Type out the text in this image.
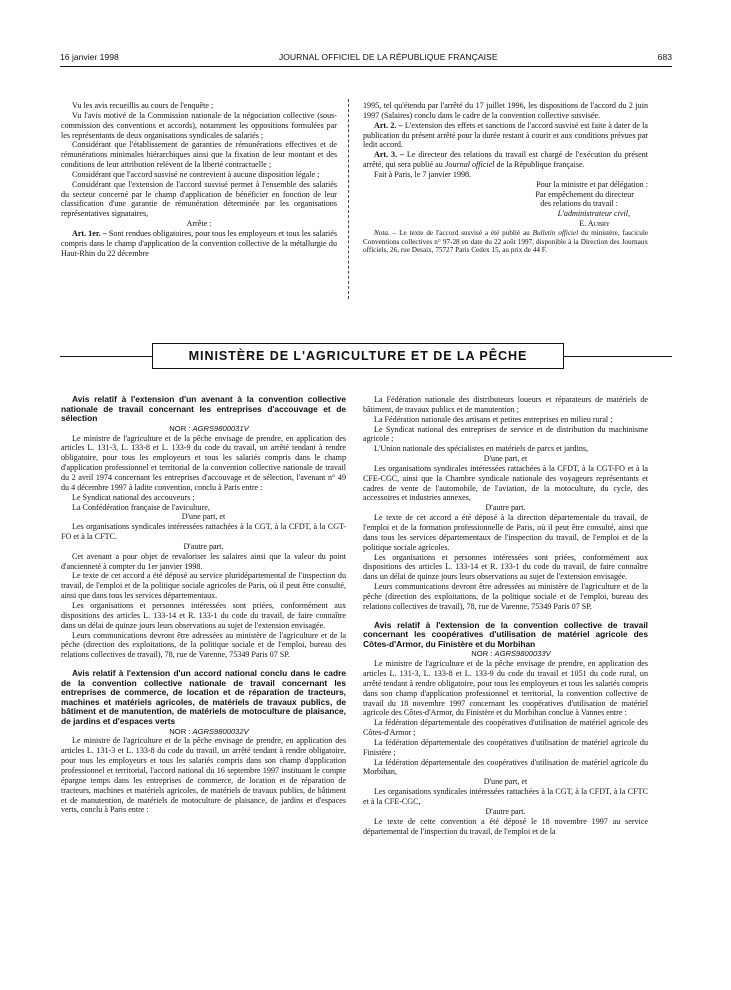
16 janvier 1998	JOURNAL OFFICIEL DE LA RÉPUBLIQUE FRANÇAISE	683

Vu les avis recueillis au cours de l'enquête ;

Vu l'avis motivé de la Commission nationale de la négociation collective (sous-commission des conventions et accords), notamment les oppositions formulées par les représentants de deux organisations syndicales de salariés ;

Considérant que l'établissement de garanties de rémunérations effectives et de rémunérations minimales hiérarchiques ainsi que la fixation de leur montant et des conditions de leur attribution relèvent de la liberté contractuelle ;

Considérant que l'accord susvisé ne contrevient à aucune disposition légale ;

Considérant que l'extension de l'accord susvisé permet à l'ensemble des salariés du secteur concerné par le champ d'application de bénéficier en fonction de leur classification d'une garantie de rémunération déterminée par les organisations représentatives signataires,

Arrête :

Art. 1er. – Sont rendues obligatoires, pour tous les employeurs et tous les salariés compris dans le champ d'application de la convention collective de la métallurgie du Haut-Rhin du 22 décembre

1995, tel qu'étendu par l'arrêté du 17 juillet 1996, les dispositions de l'accord du 2 juin 1997 (Salaires) conclu dans le cadre de la convention collective susvisée.

Art. 2. – L'extension des effets et sanctions de l'accord susvisé est faite à dater de la publication du présent arrêté pour la durée restant à courir et aux conditions prévues par ledit accord.

Art. 3. – Le directeur des relations du travail est chargé de l'exécution du présent arrêté, qui sera publié au Journal officiel de la République française.

Fait à Paris, le 7 janvier 1998.

Pour la ministre et par délégation :

Par empêchement du directeur

des relations du travail :

L'administrateur civil,

E. Aubry

Nota. – Le texte de l'accord susvisé a été publié au Bulletin officiel du ministère, fascicule Conventions collectives n° 97-28 en date du 22 août 1997, disponible à la Direction des Journaux officiels, 26, rue Desaix, 75727 Paris Cedex 15, au prix de 44 F.

MINISTÈRE DE L'AGRICULTURE ET DE LA PÊCHE

Avis relatif à l'extension d'un avenant à la convention collective nationale de travail concernant les entreprises d'accouvage et de sélection

NOR : AGRS9800031V

Le ministre de l'agriculture et de la pêche envisage de prendre, en application des articles L. 131-3, L. 133-8 et L. 133-9 du code du travail, un arrêté tendant à rendre obligatoire, pour tous les employeurs et tous les salariés compris dans le champ d'application professionnel et territorial de la convention collective nationale de travail du 2 avril 1974 concernant les entreprises d'accouvage et de sélection, l'avenant n° 49 du 4 décembre 1997 à ladite convention, conclu à Paris entre :

Le Syndicat national des accouveurs ;

La Confédération française de l'aviculture,

D'une part, et

Les organisations syndicales intéressées rattachées à la CGT, à la CFDT, à la CGT-FO et à la CFTC.

D'autre part.

Cet avenant a pour objet de revaloriser les salaires ainsi que la valeur du point d'ancienneté à compter du 1er janvier 1998.

Le texte de cet accord a été déposé au service pluridépartemental de l'inspection du travail, de l'emploi et de la politique sociale agricoles de Paris, où il peut être consulté, ainsi que dans tous les services départementaux.

Les organisations et personnes intéressées sont priées, conformément aux dispositions des articles L. 133-14 et R. 133-1 du code du travail, de faire connaître dans un délai de quinze jours leurs observations au sujet de l'extension envisagée.

Leurs communications devront être adressées au ministère de l'agriculture et de la pêche (direction des exploitations, de la politique sociale et de l'emploi, bureau des relations collectives de travail), 78, rue de Varenne, 75349 Paris 07 SP.

Avis relatif à l'extension d'un accord national conclu dans le cadre de la convention collective nationale de travail concernant les entreprises de commerce, de location et de réparation de tracteurs, machines et matériels agricoles, de matériels de travaux publics, de bâtiment et de manutention, de matériels de motoculture de plaisance, de jardins et d'espaces verts

NOR : AGRS9800032V

Le ministre de l'agriculture et de la pêche envisage de prendre, en application des articles L. 131-3 et L. 133-8 du code du travail, un arrêté tendant à rendre obligatoire, pour tous les employeurs et tous les salariés compris dans son champ d'application professionnel et territorial, l'accord national du 16 septembre 1997 instituant le compte épargne temps dans les entreprises de commerce, de location et de réparation de tracteurs, machines et matériels agricoles, de matériels de travaux publics, de bâtiment et de manutention, de matériels de motoculture de plaisance, de jardins et d'espaces verts, conclu à Paris entre :

La Fédération nationale des distributeurs loueurs et réparateurs de matériels de bâtiment, de travaux publics et de manutention ;

La Fédération nationale des artisans et petites entreprises en milieu rural ;

Le Syndicat national des entreprises de service et de distribution du machinisme agricole ;

L'Union nationale des spécialistes en matériels de parcs et jardins,

D'une part, et

Les organisations syndicales intéressées rattachées à la CFDT, à la CGT-FO et à la CFE-CGC, ainsi que la Chambre syndicale nationale des voyageurs représentants et cadres de vente de l'automobile, de l'aviation, de la motoculture, du cycle, des accessoires et industries annexes,

D'autre part.

Le texte de cet accord a été déposé à la direction départementale du travail, de l'emploi et de la formation professionnelle de Paris, où il peut être consulté, ainsi que dans tous les services départementaux de l'inspection du travail, de l'emploi et de la politique sociale agricoles.

Les organisations et personnes intéressées sont priées, conformément aux dispositions des articles L. 133-14 et R. 133-1 du code du travail, de faire connaître dans un délai de quinze jours leurs observations au sujet de l'extension envisagée.

Leurs communications devront être adressées au ministère de l'agriculture et de la pêche (direction des exploitations, de la politique sociale et de l'emploi, bureau des relations collectives de travail), 78, rue de Varenne, 75349 Paris 07 SP.

Avis relatif à l'extension de la convention collective de travail concernant les coopératives d'utilisation de matériel agricole des Côtes-d'Armor, du Finistère et du Morbihan

NOR : AGRS9800033V

Le ministre de l'agriculture et de la pêche envisage de prendre, en application des articles L. 131-3, L. 133-8 et L. 133-9 du code du travail et 1051 du code rural, un arrêté tendant à rendre obligatoire, pour tous les employeurs et tous les salariés compris dans son champ d'application professionnel et territorial, la convention collective de travail du 18 novembre 1997 concernant les coopératives d'utilisation de matériel agricole des Côtes-d'Armor, du Finistère et du Morbihan conclue à Vannes entre :

La fédération départementale des coopératives d'utilisation de matériel agricole des Côtes-d'Armor ;

La fédération départementale des coopératives d'utilisation de matériel agricole du Finistère ;

La fédération départementale des coopératives d'utilisation de matériel agricole du Morbihan,

D'une part, et

Les organisations syndicales intéressées rattachées à la CGT, à la CFDT, à la CFTC et à la CFE-CGC,

D'autre part.

Le texte de cette convention a été déposé le 18 novembre 1997 au service départemental de l'inspection du travail, de l'emploi et de la
